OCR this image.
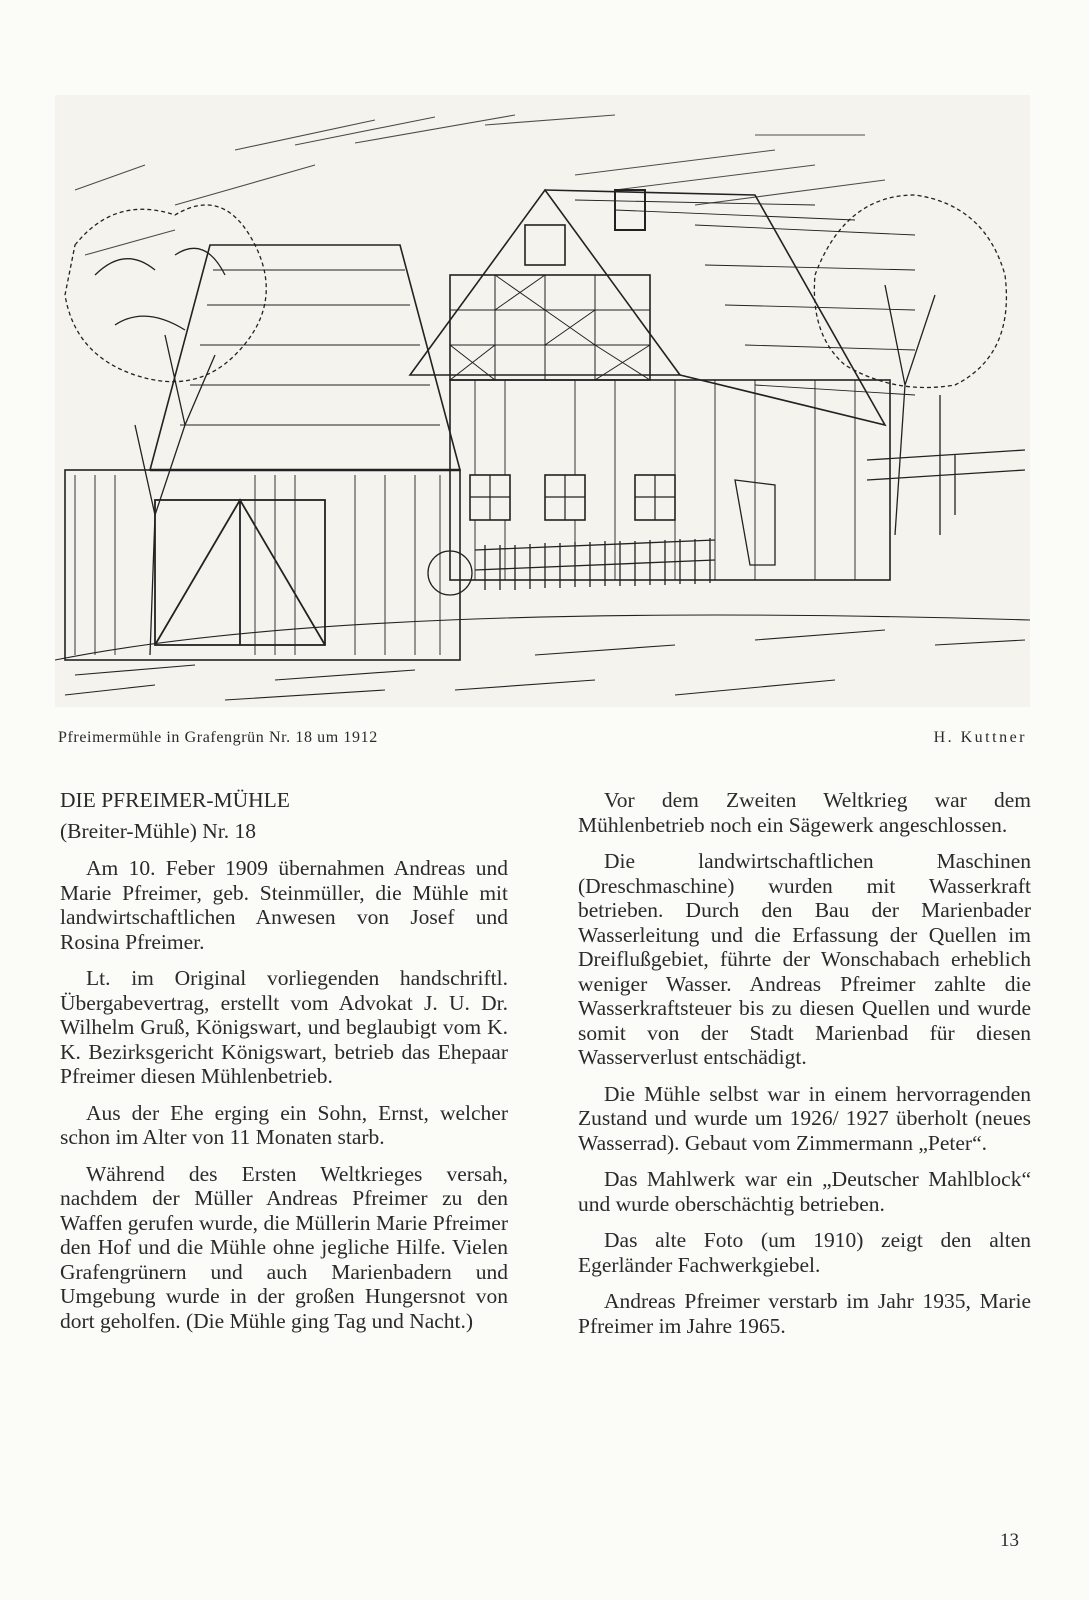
Pfreimermühle in Grafengrün Nr. 18 um 1912	H. Kuttner

DIE PFREIMER-MÜHLE

(Breiter-Mühle) Nr. 18

Am 10. Feber 1909 übernahmen Andreas und Marie Pfreimer, geb. Steinmüller, die Mühle mit landwirtschaftlichen Anwesen von Josef und Rosina Pfreimer.

Lt. im Original vorliegenden handschriftl. Übergabevertrag, erstellt vom Advokat J. U. Dr. Wilhelm Gruß, Königswart, und beglaubigt vom K. K. Bezirksgericht Königswart, betrieb das Ehepaar Pfreimer diesen Mühlenbetrieb.

Aus der Ehe erging ein Sohn, Ernst, welcher schon im Alter von 11 Monaten starb.

Während des Ersten Weltkrieges versah, nachdem der Müller Andreas Pfreimer zu den Waffen gerufen wurde, die Müllerin Marie Pfreimer den Hof und die Mühle ohne jegliche Hilfe. Vielen Grafengrünern und auch Marienbadern und Umgebung wurde in der großen Hungersnot von dort geholfen. (Die Mühle ging Tag und Nacht.)

Vor dem Zweiten Weltkrieg war dem Mühlenbetrieb noch ein Sägewerk angeschlossen.

Die landwirtschaftlichen Maschinen (Dreschmaschine) wurden mit Wasserkraft betrieben. Durch den Bau der Marienbader Wasserleitung und die Erfassung der Quellen im Dreiflußgebiet, führte der Wonschabach erheblich weniger Wasser. Andreas Pfreimer zahlte die Wasserkraftsteuer bis zu diesen Quellen und wurde somit von der Stadt Marienbad für diesen Wasserverlust entschädigt.

Die Mühle selbst war in einem hervorragenden Zustand und wurde um 1926/ 1927 überholt (neues Wasserrad). Gebaut vom Zimmermann „Peter“.

Das Mahlwerk war ein „Deutscher Mahlblock“ und wurde oberschächtig betrieben.

Das alte Foto (um 1910) zeigt den alten Egerländer Fachwerkgiebel.

Andreas Pfreimer verstarb im Jahr 1935, Marie Pfreimer im Jahre 1965.

13
